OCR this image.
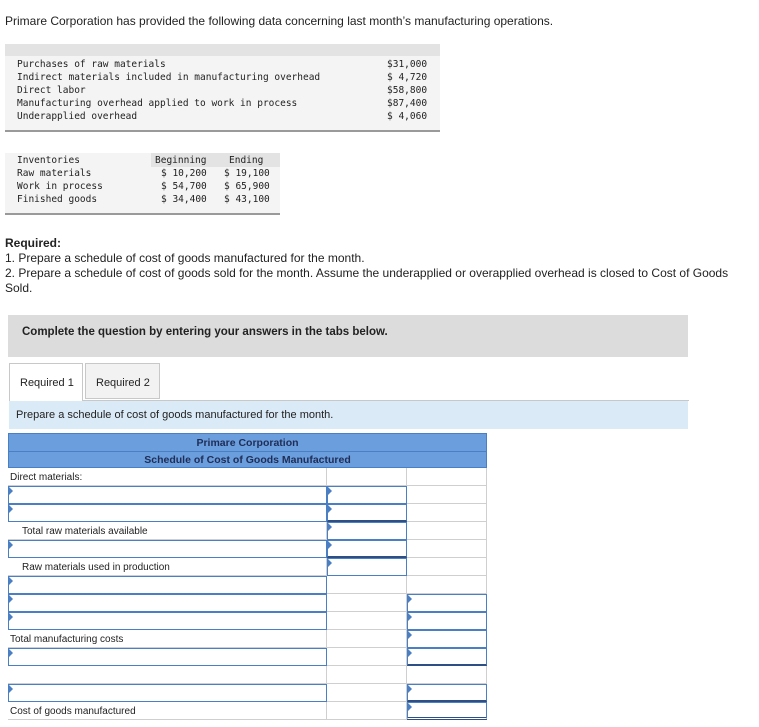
Primare Corporation has provided the following data concerning last month’s manufacturing operations.
Purchases of raw materials	$31,000
Indirect materials included in manufacturing overhead	$ 4,720
Direct labor	$58,800
Manufacturing overhead applied to work in process	$87,400
Underapplied overhead	$ 4,060
Inventories	Beginning Ending
Raw materials	$ 10,200 $ 19,100
Work in process	$ 54,700 $ 65,900
Finished goods	$ 34,400 $ 43,100
Required:
1. Prepare a schedule of cost of goods manufactured for the month.
2. Prepare a schedule of cost of goods sold for the month. Assume the underapplied or overapplied overhead is closed to Cost of Goods Sold.
Complete the question by entering your answers in the tabs below.
Required 1 Required 2
Prepare a schedule of cost of goods manufactured for the month.
Primare Corporation
Schedule of Cost of Goods Manufactured
Direct materials:
Total raw materials available
Raw materials used in production
Total manufacturing costs
Cost of goods manufactured
